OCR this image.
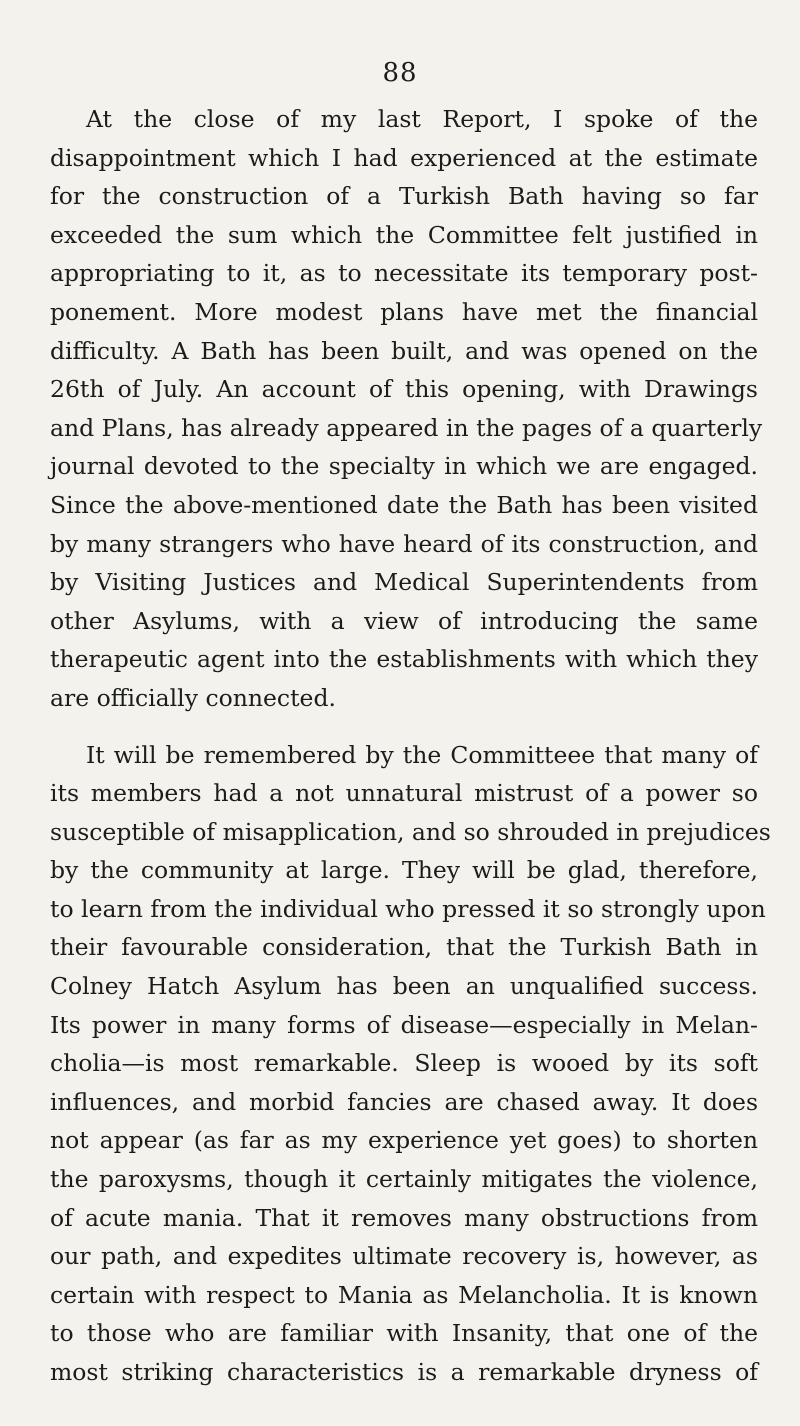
88
At the close of my last Report, I spoke of the
disappointment which I had experienced at the estimate
for the construction of a Turkish Bath having so far
exceeded the sum which the Committee felt justified in
appropriating to it, as to necessitate its temporary post-
ponement. More modest plans have met the financial
difficulty. A Bath has been built, and was opened on the
26th of July. An account of this opening, with Drawings
and Plans, has already appeared in the pages of a quarterly
journal devoted to the specialty in which we are engaged.
Since the above-mentioned date the Bath has been visited
by many strangers who have heard of its construction, and
by Visiting Justices and Medical Superintendents from
other Asylums, with a view of introducing the same
therapeutic agent into the establishments with which they
are officially connected.
It will be remembered by the Committeee that many of
its members had a not unnatural mistrust of a power so
susceptible of misapplication, and so shrouded in prejudices
by the community at large. They will be glad, therefore,
to learn from the individual who pressed it so strongly upon
their favourable consideration, that the Turkish Bath in
Colney Hatch Asylum has been an unqualified success.
Its power in many forms of disease—especially in Melan-
cholia—is most remarkable. Sleep is wooed by its soft
influences, and morbid fancies are chased away. It does
not appear (as far as my experience yet goes) to shorten
the paroxysms, though it certainly mitigates the violence,
of acute mania. That it removes many obstructions from
our path, and expedites ultimate recovery is, however, as
certain with respect to Mania as Melancholia. It is known
to those who are familiar with Insanity, that one of the
most striking characteristics is a remarkable dryness of
